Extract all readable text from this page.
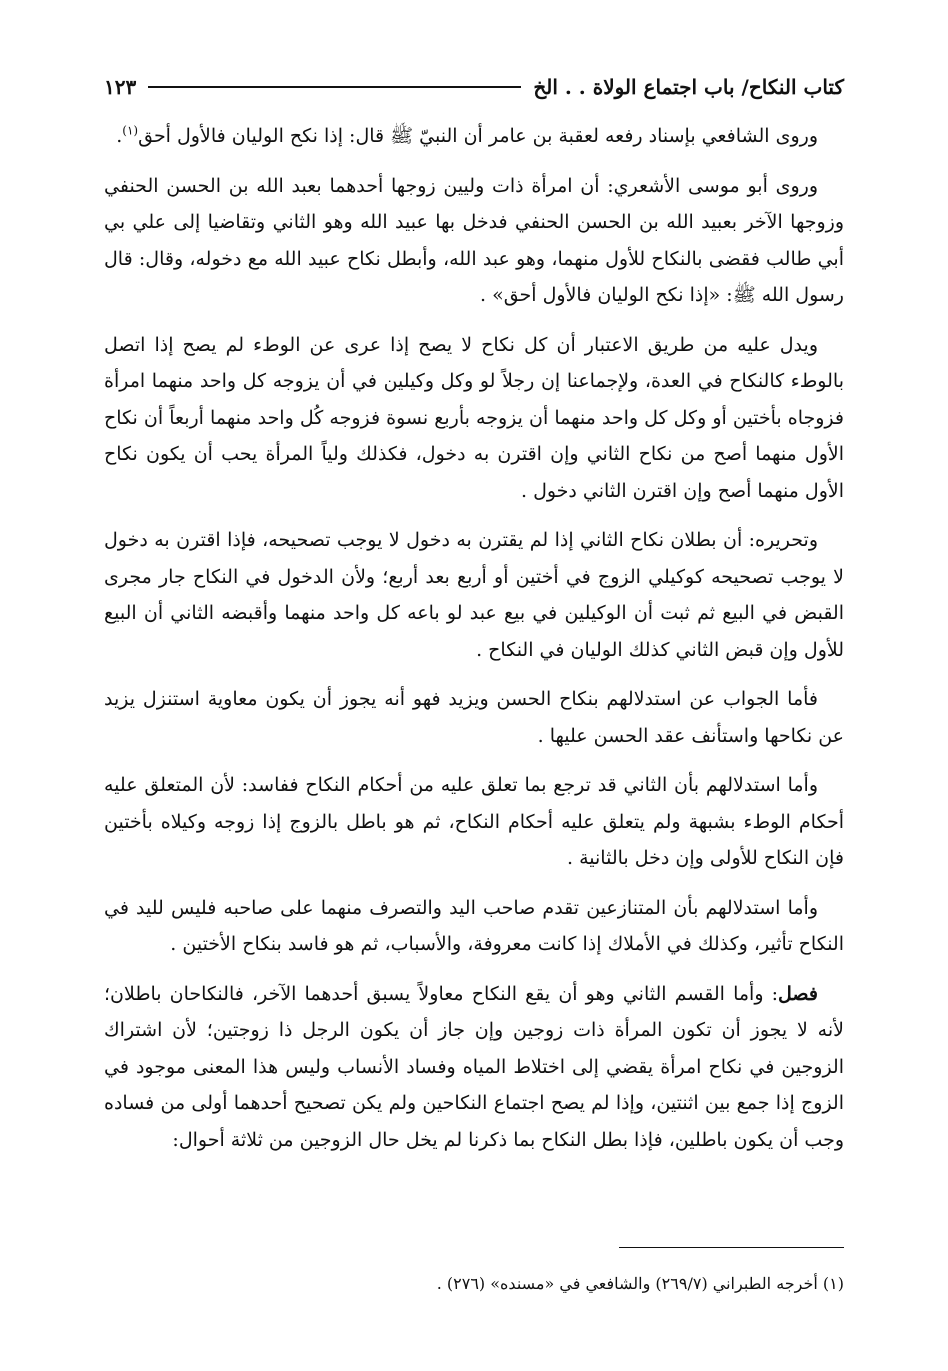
كتاب النكاح/ باب اجتماع الولاة . . الخ
١٢٣

وروى الشافعي بإسناد رفعه لعقبة بن عامر أن النبيّ ﷺ قال: إذا نكح الوليان فالأول أحق$^{(١)}$.

وروى أبو موسى الأشعري: أن امرأة ذات وليين زوجها أحدهما بعبد الله بن الحسن الحنفي وزوجها الآخر بعبيد الله بن الحسن الحنفي فدخل بها عبيد الله وهو الثاني وتقاضيا إلى علي بي أبي طالب فقضى بالنكاح للأول منهما، وهو عبد الله، وأبطل نكاح عبيد الله مع دخوله، وقال: قال رسول الله ﷺ: «إذا نكح الوليان فالأول أحق» .

ويدل عليه من طريق الاعتبار أن كل نكاح لا يصح إذا عرى عن الوطء لم يصح إذا اتصل بالوطء كالنكاح في العدة، ولإجماعنا إن رجلاً لو وكل وكيلين في أن يزوجه كل واحد منهما امرأة فزوجاه بأختين أو وكل كل واحد منهما أن يزوجه بأربع نسوة فزوجه كُل واحد منهما أربعاً أن نكاح الأول منهما أصح من نكاح الثاني وإن اقترن به دخول، فكذلك ولياً المرأة يحب أن يكون نكاح الأول منهما أصح وإن اقترن الثاني دخول .

وتحريره: أن بطلان نكاح الثاني إذا لم يقترن به دخول لا يوجب تصحيحه، فإذا اقترن به دخول لا يوجب تصحيحه كوكيلي الزوج في أختين أو أربع بعد أربع؛ ولأن الدخول في النكاح جار مجرى القبض في البيع ثم ثبت أن الوكيلين في بيع عبد لو باعه كل واحد منهما وأقبضه الثاني أن البيع للأول وإن قبض الثاني كذلك الوليان في النكاح .

فأما الجواب عن استدلالهم بنكاح الحسن ويزيد فهو أنه يجوز أن يكون معاوية استنزل يزيد عن نكاحها واستأنف عقد الحسن عليها .

وأما استدلالهم بأن الثاني قد ترجع بما تعلق عليه من أحكام النكاح ففاسد: لأن المتعلق عليه أحكام الوطء بشبهة ولم يتعلق عليه أحكام النكاح، ثم هو باطل بالزوج إذا زوجه وكيلاه بأختين فإن النكاح للأولى وإن دخل بالثانية .

وأما استدلالهم بأن المتنازعين تقدم صاحب اليد والتصرف منهما على صاحبه فليس لليد في النكاح تأثير، وكذلك في الأملاك إذا كانت معروفة، والأسباب، ثم هو فاسد بنكاح الأختين .

فصل: وأما القسم الثاني وهو أن يقع النكاح معاولاً يسبق أحدهما الآخر، فالنكاحان باطلان؛ لأنه لا يجوز أن تكون المرأة ذات زوجين وإن جاز أن يكون الرجل ذا زوجتين؛ لأن اشتراك الزوجين في نكاح امرأة يقضي إلى اختلاط المياه وفساد الأنساب وليس هذا المعنى موجود في الزوج إذا جمع بين اثنتين، وإذا لم يصح اجتماع النكاحين ولم يكن تصحيح أحدهما أولى من فساده وجب أن يكون باطلين، فإذا بطل النكاح بما ذكرنا لم يخل حال الزوجين من ثلاثة أحوال:

(١) أخرجه الطبراني (٢٦٩/٧) والشافعي في «مسنده» (٢٧٦) .
